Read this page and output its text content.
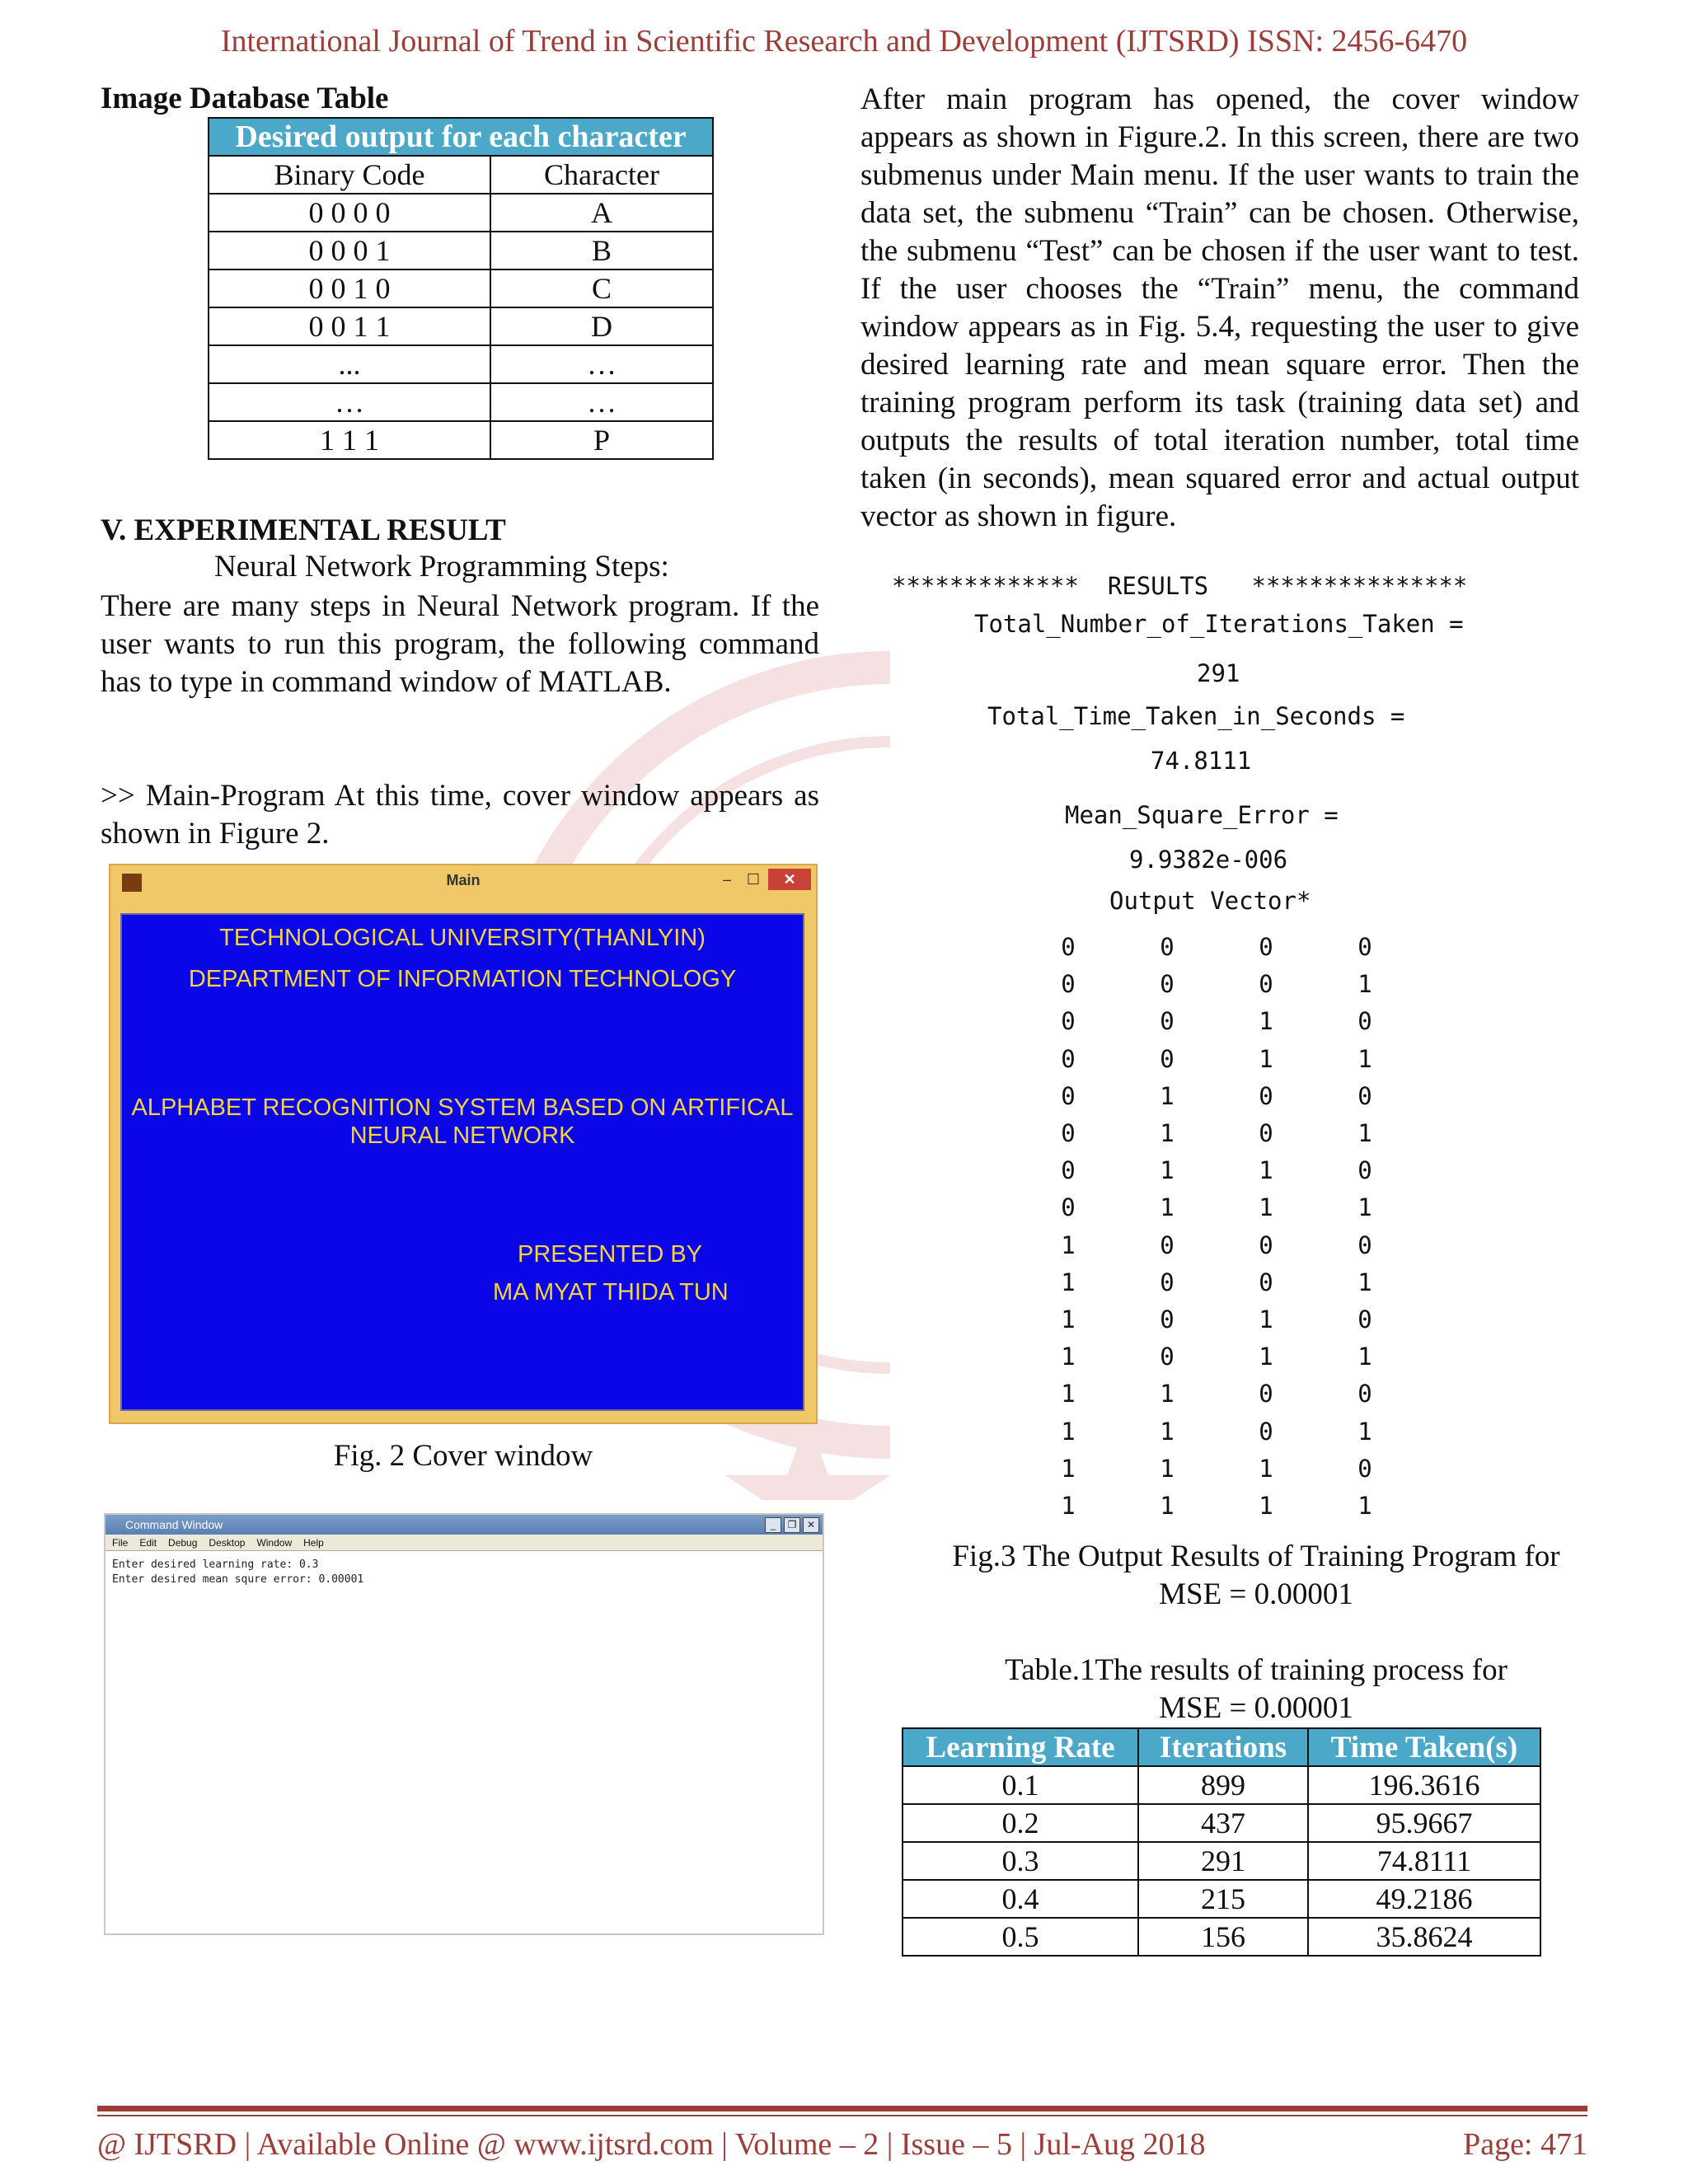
International Journal of Trend in Scientific Research and Development (IJTSRD) ISSN: 2456-6470
Image Database Table
Desired output for each character	
Binary Code	Character
0 0 0 0	A
0 0 0 1	B
0 0 1 0	C
0 0 1 1	D
...	…
…	…
1 1 1	P
V. EXPERIMENTAL RESULT
Neural Network Programming Steps:
There are many steps in Neural Network program. If the user wants to run this program, the following command has to type in command window of MATLAB.
>> Main-Program At this time, cover window appears as shown in Figure 2.
Main	–	☐	✕
TECHNOLOGICAL UNIVERSITY(THANLYIN)
DEPARTMENT OF INFORMATION TECHNOLOGY
ALPHABET RECOGNITION SYSTEM BASED ON ARTIFICAL
NEURAL NETWORK
PRESENTED BY
MA MYAT THIDA TUN
Fig. 2 Cover window
Command Window	_	❐	✕
File Edit Debug Desktop Window Help
Enter desired learning rate: 0.3
Enter desired mean squre error: 0.00001
After main program has opened, the cover window appears as shown in Figure.2. In this screen, there are two submenus under Main menu. If the user wants to train the data set, the submenu “Train” can be chosen. Otherwise, the submenu “Test” can be chosen if the user want to test. If the user chooses the “Train” menu, the command window appears as in Fig. 5.4, requesting the user to give desired learning rate and mean square error. Then the training program perform its task (training data set) and outputs the results of total iteration number, total time taken (in seconds), mean squared error and actual output vector as shown in figure.
*************  RESULTS   ***************
Total_Number_of_Iterations_Taken =
291
Total_Time_Taken_in_Seconds =
74.8111
Mean_Square_Error =
9.9382e-006
Output Vector*
0	0	0	0
0	0	0	1
0	0	1	0
0	0	1	1
0	1	0	0
0	1	0	1
0	1	1	0
0	1	1	1
1	0	0	0
1	0	0	1
1	0	1	0
1	0	1	1
1	1	0	0
1	1	0	1
1	1	1	0
1	1	1	1
Fig.3 The Output Results of Training Program for
MSE = 0.00001
Table.1The results of training process for
MSE = 0.00001
Learning Rate	Iterations	Time Taken(s)
0.1	899	196.3616
0.2	437	95.9667
0.3	291	74.8111
0.4	215	49.2186
0.5	156	35.8624
@ IJTSRD | Available Online @ www.ijtsrd.com | Volume – 2 | Issue – 5 | Jul-Aug 2018	Page: 471
